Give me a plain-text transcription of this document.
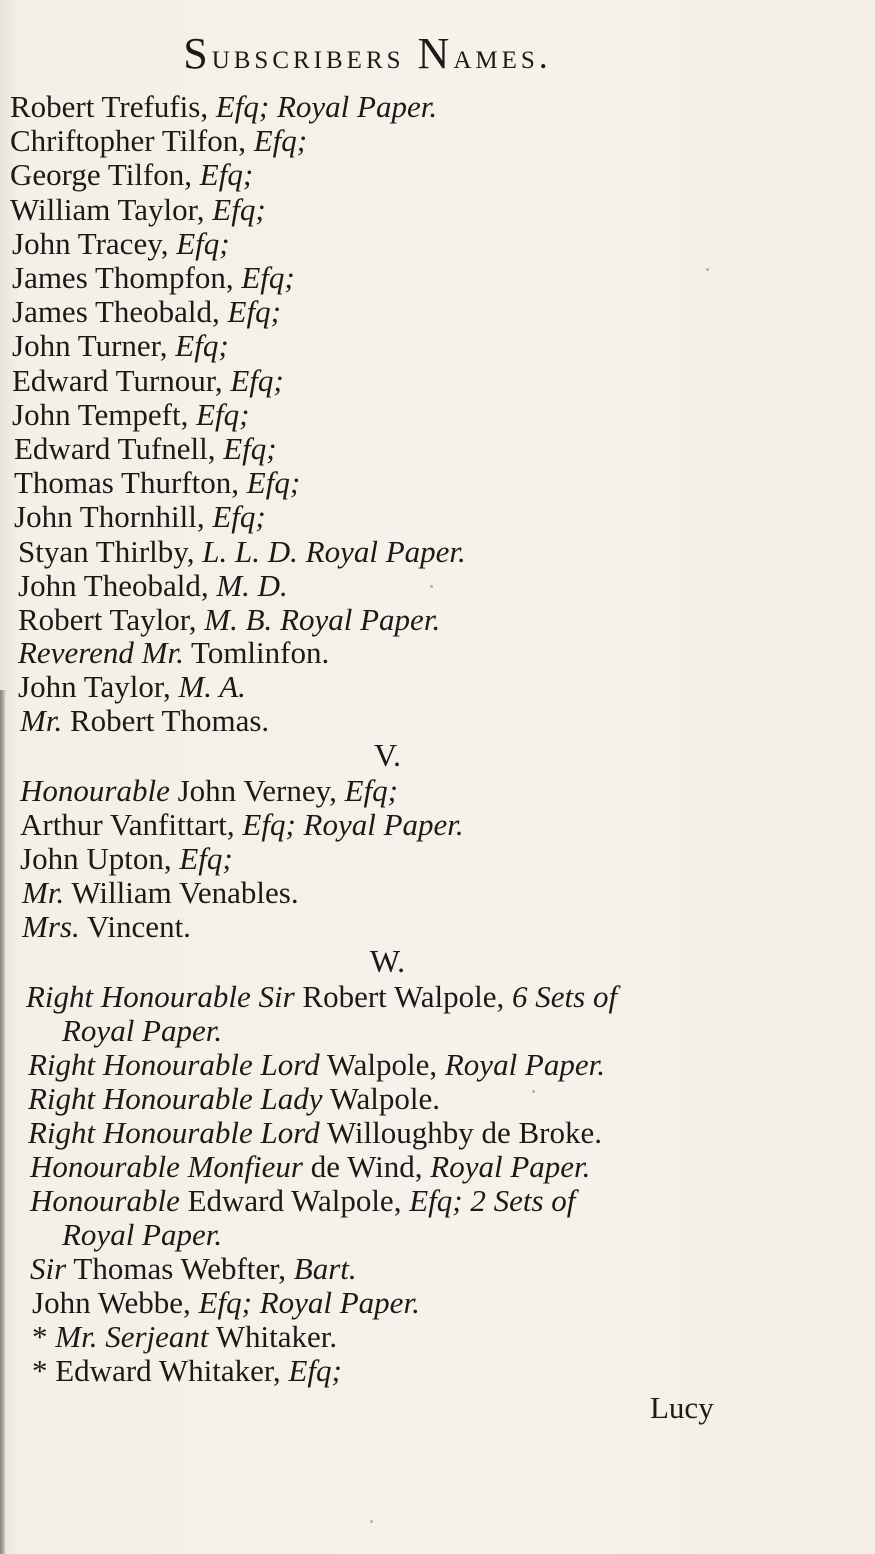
Subscribers Names.
Robert Trefufis, Efq; Royal Paper.
Chriftopher Tilfon, Efq;
George Tilfon, Efq;
William Taylor, Efq;
John Tracey, Efq;
James Thompfon, Efq;
James Theobald, Efq;
John Turner, Efq;
Edward Turnour, Efq;
John Tempeft, Efq;
Edward Tufnell, Efq;
Thomas Thurfton, Efq;
John Thornhill, Efq;
Styan Thirlby, L. L. D. Royal Paper.
John Theobald, M. D.
Robert Taylor, M. B. Royal Paper.
Reverend Mr. Tomlinfon.
John Taylor, M. A.
Mr. Robert Thomas.
V.
Honourable John Verney, Efq;
Arthur Vanfittart, Efq; Royal Paper.
John Upton, Efq;
Mr. William Venables.
Mrs. Vincent.
W.
Right Honourable Sir Robert Walpole, 6 Sets of
Royal Paper.
Right Honourable Lord Walpole, Royal Paper.
Right Honourable Lady Walpole.
Right Honourable Lord Willoughby de Broke.
Honourable Monfieur de Wind, Royal Paper.
Honourable Edward Walpole, Efq; 2 Sets of
Royal Paper.
Sir Thomas Webfter, Bart.
John Webbe, Efq; Royal Paper.
* Mr. Serjeant Whitaker.
* Edward Whitaker, Efq;
Lucy
